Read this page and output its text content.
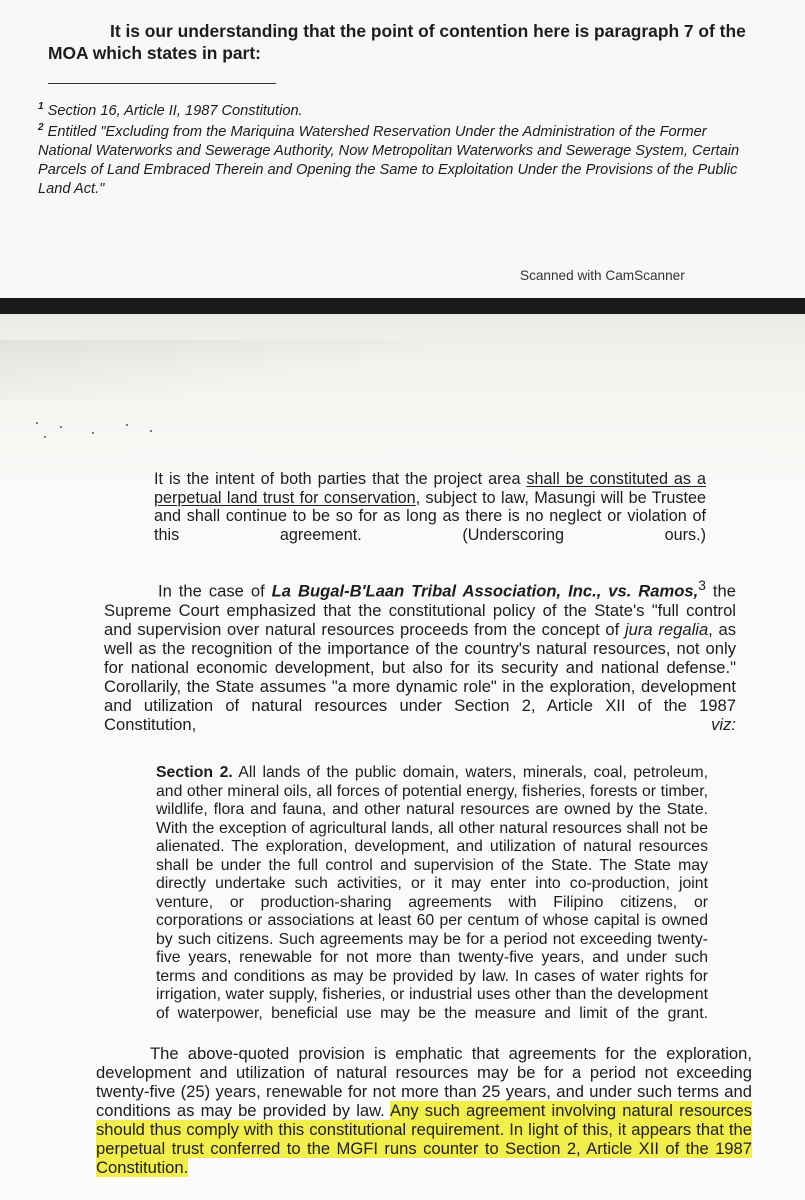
It is our understanding that the point of contention here is paragraph 7 of the MOA which states in part:

$^1$ Section 16, Article II, 1987 Constitution.

$^2$ Entitled "Excluding from the Mariquina Watershed Reservation Under the Administration of the Former National Waterworks and Sewerage Authority, Now Metropolitan Waterworks and Sewerage System, Certain Parcels of Land Embraced Therein and Opening the Same to Exploitation Under the Provisions of the Public Land Act."

Scanned with CamScanner

It is the intent of both parties that the project area shall be constituted as a perpetual land trust for conservation, subject to law, Masungi will be Trustee and shall continue to be so for as long as there is no neglect or violation of this agreement. (Underscoring ours.)

In the case of La Bugal-B'Laan Tribal Association, Inc., vs. Ramos,$^3$ the Supreme Court emphasized that the constitutional policy of the State's "full control and supervision over natural resources proceeds from the concept of jura regalia, as well as the recognition of the importance of the country's natural resources, not only for national economic development, but also for its security and national defense." Corollarily, the State assumes "a more dynamic role" in the exploration, development and utilization of natural resources under Section 2, Article XII of the 1987 Constitution, viz:

Section 2. All lands of the public domain, waters, minerals, coal, petroleum, and other mineral oils, all forces of potential energy, fisheries, forests or timber, wildlife, flora and fauna, and other natural resources are owned by the State. With the exception of agricultural lands, all other natural resources shall not be alienated. The exploration, development, and utilization of natural resources shall be under the full control and supervision of the State. The State may directly undertake such activities, or it may enter into co-production, joint venture, or production-sharing agreements with Filipino citizens, or corporations or associations at least 60 per centum of whose capital is owned by such citizens. Such agreements may be for a period not exceeding twenty-five years, renewable for not more than twenty-five years, and under such terms and conditions as may be provided by law. In cases of water rights for irrigation, water supply, fisheries, or industrial uses other than the development of waterpower, beneficial use may be the measure and limit of the grant.

The above-quoted provision is emphatic that agreements for the exploration, development and utilization of natural resources may be for a period not exceeding twenty-five (25) years, renewable for not more than 25 years, and under such terms and conditions as may be provided by law. Any such agreement involving natural resources should thus comply with this constitutional requirement. In light of this, it appears that the perpetual trust conferred to the MGFI runs counter to Section 2, Article XII of the 1987 Constitution.
